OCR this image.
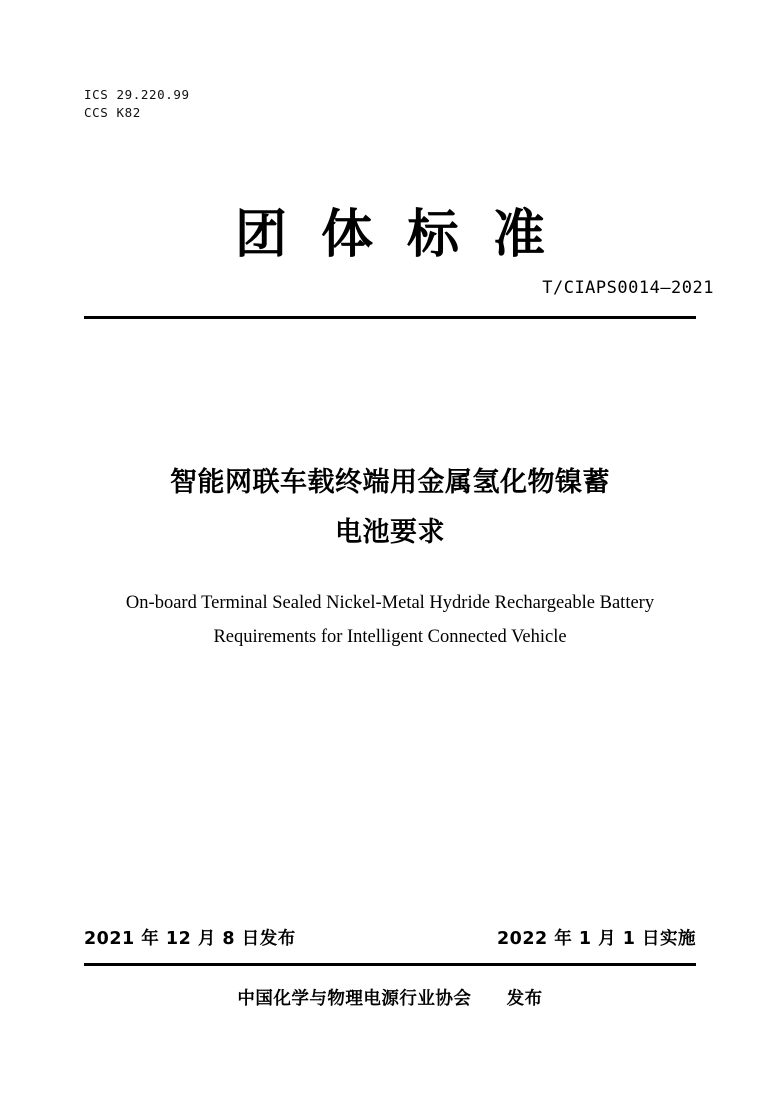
ICS 29.220.99
CCS K82
团体标准
T/CIAPS0014—2021
智能网联车载终端用金属氢化物镍蓄
电池要求
On-board Terminal Sealed Nickel-Metal Hydride Rechargeable Battery
Requirements for Intelligent Connected Vehicle
2021 年 12 月 8 日发布	2022 年 1 月 1 日实施
中国化学与物理电源行业协会 发布
